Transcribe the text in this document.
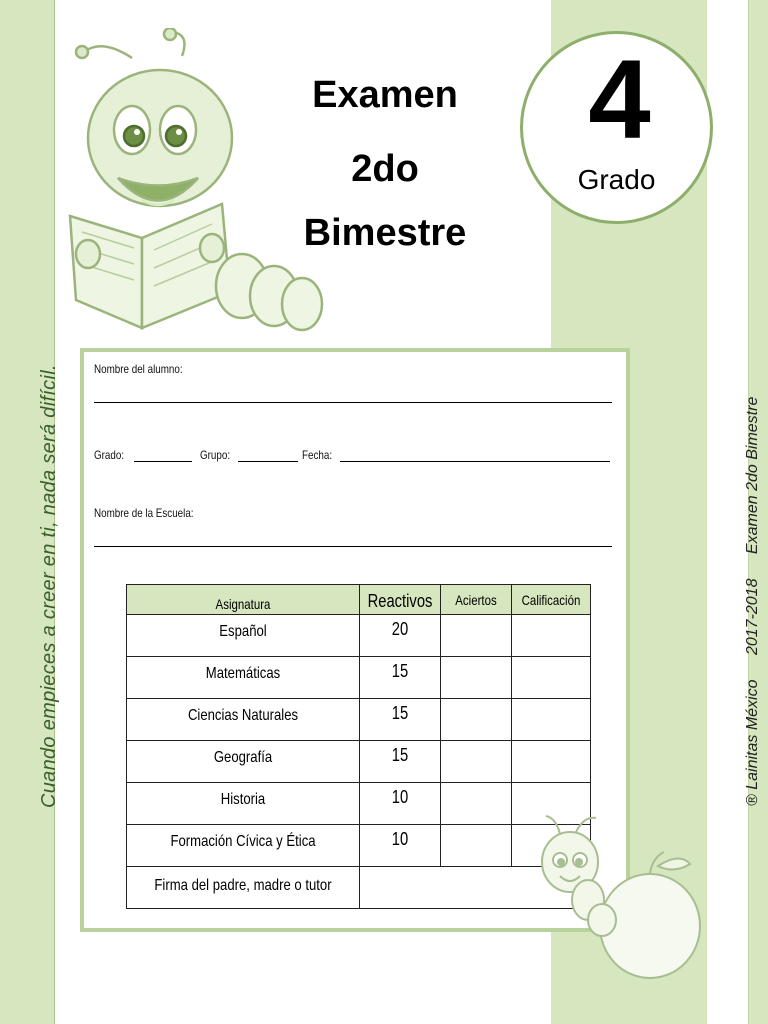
Cuando empieces a creer en ti, nada será difícil.	® Lainitas México 2017-2018 Examen 2do Bimestre
Examen
2do
Bimestre
4
Grado
Nombre del alumno:
Grado:	Grupo:	Fecha:
Nombre de la Escuela:
Asignatura	Reactivos	Aciertos	Calificación

Español	20		

Matemáticas	15		

Ciencias Naturales	15		

Geografía	15		

Historia	10		

Formación Cívica y Ética	10		

Firma del padre, madre o tutor			
